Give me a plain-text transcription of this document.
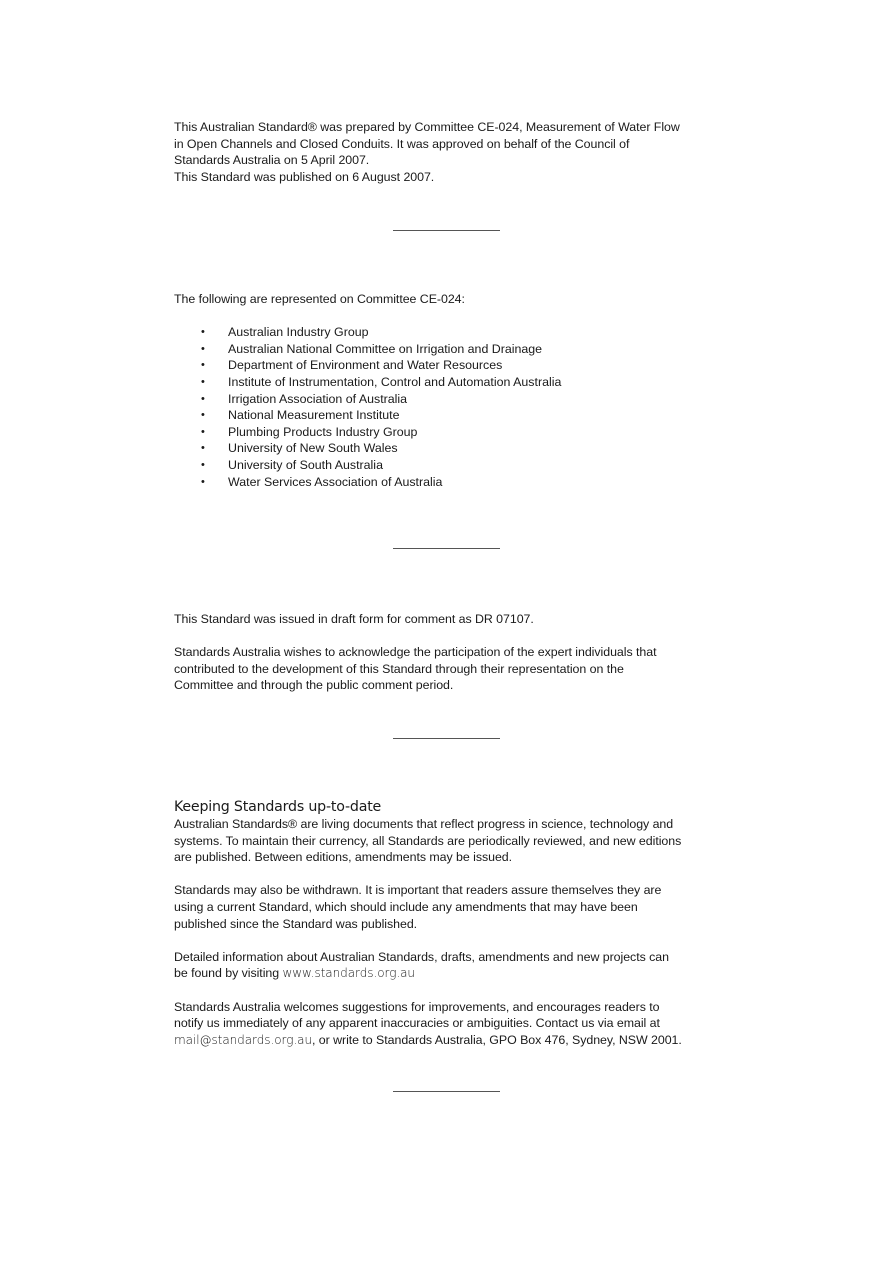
This Australian Standard® was prepared by Committee CE-024, Measurement of Water Flow

in Open Channels and Closed Conduits. It was approved on behalf of the Council of

Standards Australia on 5 April 2007.

This Standard was published on 6 August 2007.

The following are represented on Committee CE-024:

• Australian Industry Group
• Australian National Committee on Irrigation and Drainage
• Department of Environment and Water Resources
• Institute of Instrumentation, Control and Automation Australia
• Irrigation Association of Australia
• National Measurement Institute
• Plumbing Products Industry Group
• University of New South Wales
• University of South Australia
• Water Services Association of Australia

This Standard was issued in draft form for comment as DR 07107.

Standards Australia wishes to acknowledge the participation of the expert individuals that

contributed to the development of this Standard through their representation on the

Committee and through the public comment period.

Keeping Standards up-to-date

Australian Standards® are living documents that reflect progress in science, technology and

systems. To maintain their currency, all Standards are periodically reviewed, and new editions

are published. Between editions, amendments may be issued.

Standards may also be withdrawn. It is important that readers assure themselves they are

using a current Standard, which should include any amendments that may have been

published since the Standard was published.

Detailed information about Australian Standards, drafts, amendments and new projects can

be found by visiting www.standards.org.au

Standards Australia welcomes suggestions for improvements, and encourages readers to

notify us immediately of any apparent inaccuracies or ambiguities. Contact us via email at

mail@standards.org.au, or write to Standards Australia, GPO Box 476, Sydney, NSW 2001.
